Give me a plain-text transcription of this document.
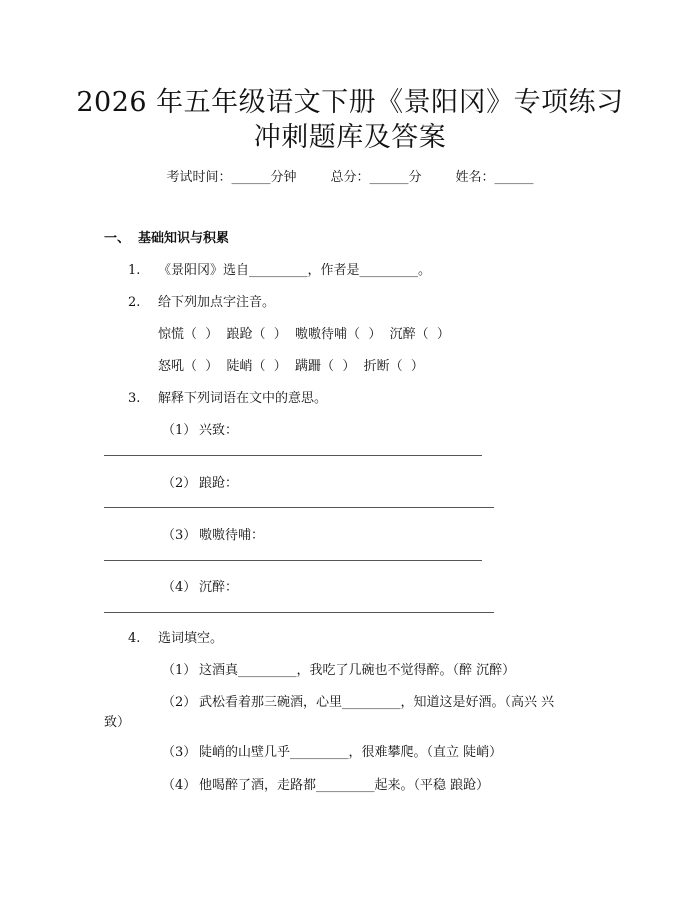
2026 年五年级语文下册《景阳冈》专项练习
冲刺题库及答案
考试时间：______分钟	总分：______分	姓名：______
一、 基础知识与积累
1. 《景阳冈》选自_________，作者是_________。
2. 给下列加点字注音。
惊慌（  ）  踉跄（  ）  嗷嗷待哺（  ）  沉醉（  ）
怒吼（  ）  陡峭（  ）  蹒跚（  ）  折断（  ）
3. 解释下列词语在文中的意思。
（1） 兴致：
（2） 踉跄：
（3） 嗷嗷待哺：
（4） 沉醉：
4. 选词填空。
（1） 这酒真_________，我吃了几碗也不觉得醉。（醉 沉醉）
（2） 武松看着那三碗酒，心里_________，知道这是好酒。（高兴 兴
致）
（3） 陡峭的山壁几乎_________，很难攀爬。（直立 陡峭）
（4） 他喝醉了酒，走路都_________起来。（平稳 踉跄）
